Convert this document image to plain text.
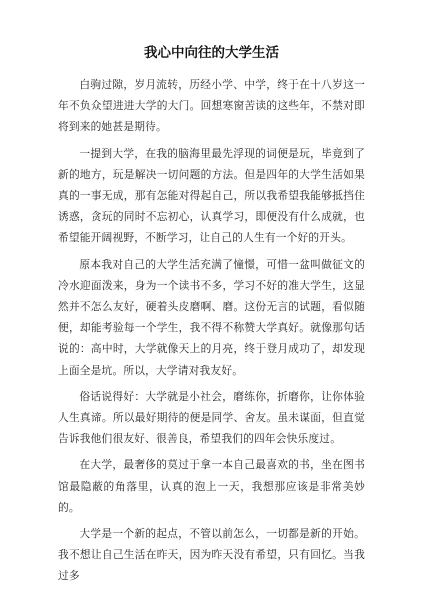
我心中向往的大学生活

白驹过隙，岁月流转，历经小学、中学，终于在十八岁这一年不负众望进进大学的大门。回想寒窗苦读的这些年，不禁对即将到来的她甚是期待。

一提到大学，在我的脑海里最先浮现的词便是玩，毕竟到了新的地方，玩是解决一切问题的方法。但是四年的大学生活如果真的一事无成，那有怎能对得起自己，所以我希望我能够抵挡住诱惑，贪玩的同时不忘初心，认真学习，即便没有什么成就，也希望能开阔视野，不断学习，让自己的人生有一个好的开头。

原本我对自己的大学生活充满了憧憬，可惜一盆叫做征文的冷水迎面泼来，身为一个读书不多，学习不好的准大学生，这显然并不怎么友好，硬着头皮磨啊、磨。这份无言的试题，看似随便，却能考验每一个学生，我不得不称赞大学真好。就像那句话说的：高中时，大学就像天上的月亮，终于登月成功了，却发现上面全是坑。所以，大学请对我友好。

俗话说得好：大学就是小社会，磨练你，折磨你，让你体验人生真谛。所以最好期待的便是同学、舍友。虽未谋面，但直觉告诉我他们很友好、很善良，希望我们的四年会快乐度过。

在大学，最奢侈的莫过于拿一本自己最喜欢的书，坐在图书馆最隐蔽的角落里，认真的泡上一天，我想那应该是非常美妙的。

大学是一个新的起点，不管以前怎么，一切都是新的开始。我不想让自己生活在昨天，因为昨天没有希望，只有回忆。当我过多
